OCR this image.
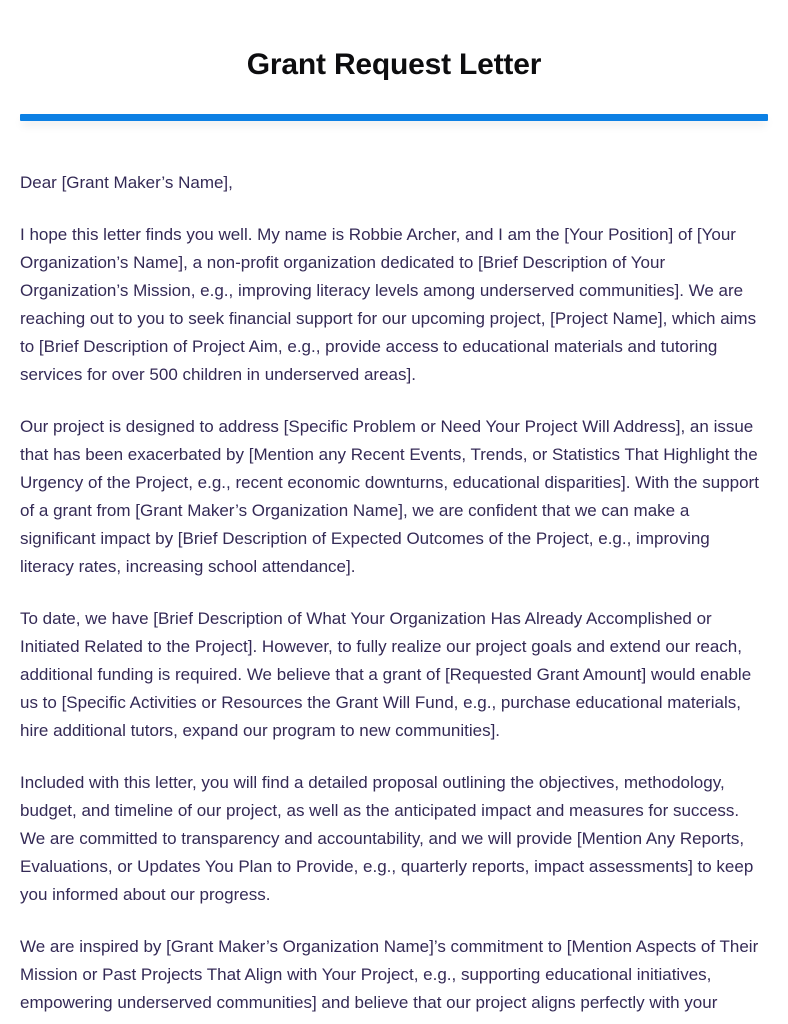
Grant Request Letter

Dear [Grant Maker’s Name],

I hope this letter finds you well. My name is Robbie Archer, and I am the [Your Position] of [Your Organization’s Name], a non-profit organization dedicated to [Brief Description of Your Organization’s Mission, e.g., improving literacy levels among underserved communities]. We are reaching out to you to seek financial support for our upcoming project, [Project Name], which aims to [Brief Description of Project Aim, e.g., provide access to educational materials and tutoring services for over 500 children in underserved areas].

Our project is designed to address [Specific Problem or Need Your Project Will Address], an issue that has been exacerbated by [Mention any Recent Events, Trends, or Statistics That Highlight the Urgency of the Project, e.g., recent economic downturns, educational disparities]. With the support of a grant from [Grant Maker’s Organization Name], we are confident that we can make a significant impact by [Brief Description of Expected Outcomes of the Project, e.g., improving literacy rates, increasing school attendance].

To date, we have [Brief Description of What Your Organization Has Already Accomplished or Initiated Related to the Project]. However, to fully realize our project goals and extend our reach, additional funding is required. We believe that a grant of [Requested Grant Amount] would enable us to [Specific Activities or Resources the Grant Will Fund, e.g., purchase educational materials, hire additional tutors, expand our program to new communities].

Included with this letter, you will find a detailed proposal outlining the objectives, methodology, budget, and timeline of our project, as well as the anticipated impact and measures for success. We are committed to transparency and accountability, and we will provide [Mention Any Reports, Evaluations, or Updates You Plan to Provide, e.g., quarterly reports, impact assessments] to keep you informed about our progress.

We are inspired by [Grant Maker’s Organization Name]’s commitment to [Mention Aspects of Their Mission or Past Projects That Align with Your Project, e.g., supporting educational initiatives, empowering underserved communities] and believe that our project aligns perfectly with your
